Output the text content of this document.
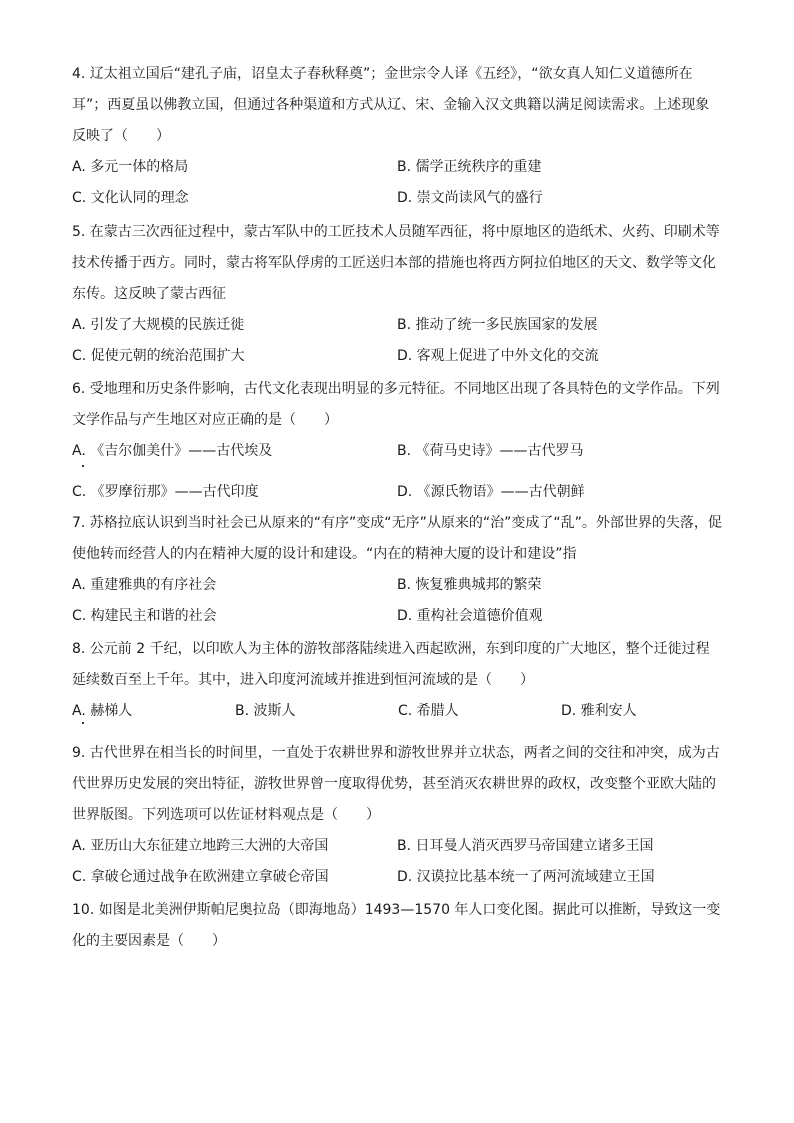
4. 辽太祖立国后“建孔子庙，诏皇太子春秋释奠”；金世宗令人译《五经》，“欲女真人知仁义道德所在耳”；西夏虽以佛教立国，但通过各种渠道和方式从辽、宋、金输入汉文典籍以满足阅读需求。上述现象反映了（　　）

A. 多元一体的格局	B. 儒学正统秩序的重建
C. 文化认同的理念	D. 崇文尚读风气的盛行

5. 在蒙古三次西征过程中，蒙古军队中的工匠技术人员随军西征，将中原地区的造纸术、火药、印刷术等技术传播于西方。同时，蒙古将军队俘虏的工匠送归本部的措施也将西方阿拉伯地区的天文、数学等文化东传。这反映了蒙古西征

A. 引发了大规模的民族迁徙	B. 推动了统一多民族国家的发展
C. 促使元朝的统治范围扩大	D. 客观上促进了中外文化的交流

6. 受地理和历史条件影响，古代文化表现出明显的多元特征。不同地区出现了各具特色的文学作品。下列文学作品与产生地区对应正确的是（　　）

A. 《吉尔伽美什》——古代埃及	B. 《荷马史诗》——古代罗马
C. 《罗摩衍那》——古代印度	D. 《源氏物语》——古代朝鲜

7. 苏格拉底认识到当时社会已从原来的“有序”变成“无序”从原来的“治”变成了“乱”。外部世界的失落，促使他转而经营人的内在精神大厦的设计和建设。“内在的精神大厦的设计和建设”指

A. 重建雅典的有序社会	B. 恢复雅典城邦的繁荣
C. 构建民主和谐的社会	D. 重构社会道德价值观

8. 公元前 2 千纪，以印欧人为主体的游牧部落陆续进入西起欧洲，东到印度的广大地区，整个迁徙过程延续数百至上千年。其中，进入印度河流域并推进到恒河流域的是（　　）

A. 赫梯人	B. 波斯人	C. 希腊人	D. 雅利安人

9. 古代世界在相当长的时间里，一直处于农耕世界和游牧世界并立状态，两者之间的交往和冲突，成为古代世界历史发展的突出特征，游牧世界曾一度取得优势，甚至消灭农耕世界的政权，改变整个亚欧大陆的世界版图。下列选项可以佐证材料观点是（　　）

A. 亚历山大东征建立地跨三大洲的大帝国	B. 日耳曼人消灭西罗马帝国建立诸多王国
C. 拿破仑通过战争在欧洲建立拿破仑帝国	D. 汉谟拉比基本统一了两河流域建立王国

10. 如图是北美洲伊斯帕尼奥拉岛（即海地岛）1493—1570 年人口变化图。据此可以推断，导致这一变化的主要因素是（　　）
